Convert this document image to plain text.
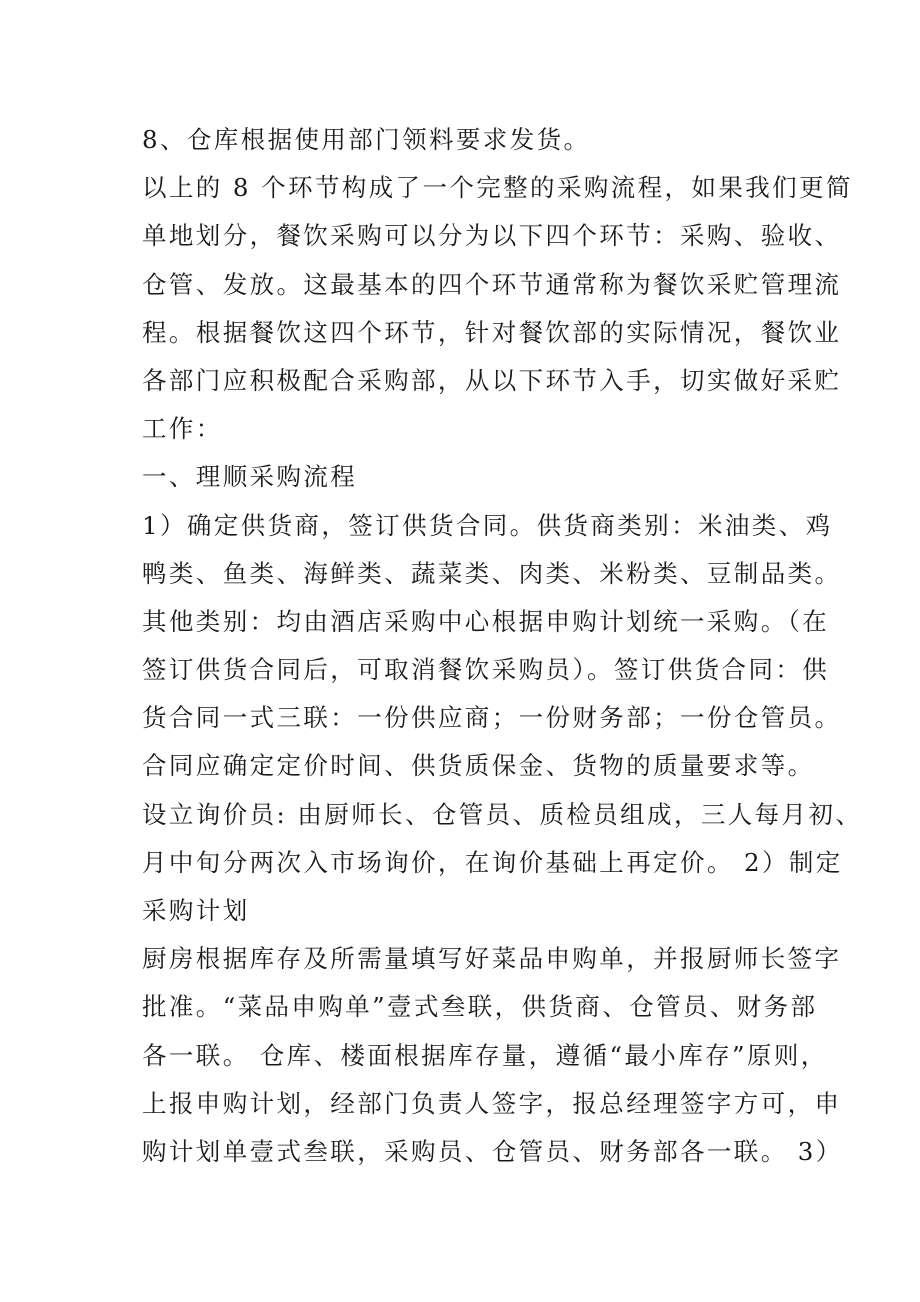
8、仓库根据使用部门领料要求发货。
以上的 8 个环节构成了一个完整的采购流程，如果我们更简
单地划分，餐饮采购可以分为以下四个环节：采购、验收、
仓管、发放。这最基本的四个环节通常称为餐饮采贮管理流
程。根据餐饮这四个环节，针对餐饮部的实际情况，餐饮业
各部门应积极配合采购部，从以下环节入手，切实做好采贮
工作：
一、理顺采购流程
1）确定供货商，签订供货合同。供货商类别：米油类、鸡
鸭类、鱼类、海鲜类、蔬菜类、肉类、米粉类、豆制品类。
其他类别：均由酒店采购中心根据申购计划统一采购。（在
签订供货合同后，可取消餐饮采购员）。签订供货合同：供
货合同一式三联：一份供应商；一份财务部；一份仓管员。
合同应确定定价时间、供货质保金、货物的质量要求等。
设立询价员: 由厨师长、仓管员、质检员组成，三人每月初、
月中旬分两次入市场询价，在询价基础上再定价。 2）制定
采购计划
厨房根据库存及所需量填写好菜品申购单，并报厨师长签字
批准。“菜品申购单”壹式叁联，供货商、仓管员、财务部
各一联。 仓库、楼面根据库存量，遵循“最小库存”原则，
上报申购计划，经部门负责人签字，报总经理签字方可，申
购计划单壹式叁联，采购员、仓管员、财务部各一联。 3）
